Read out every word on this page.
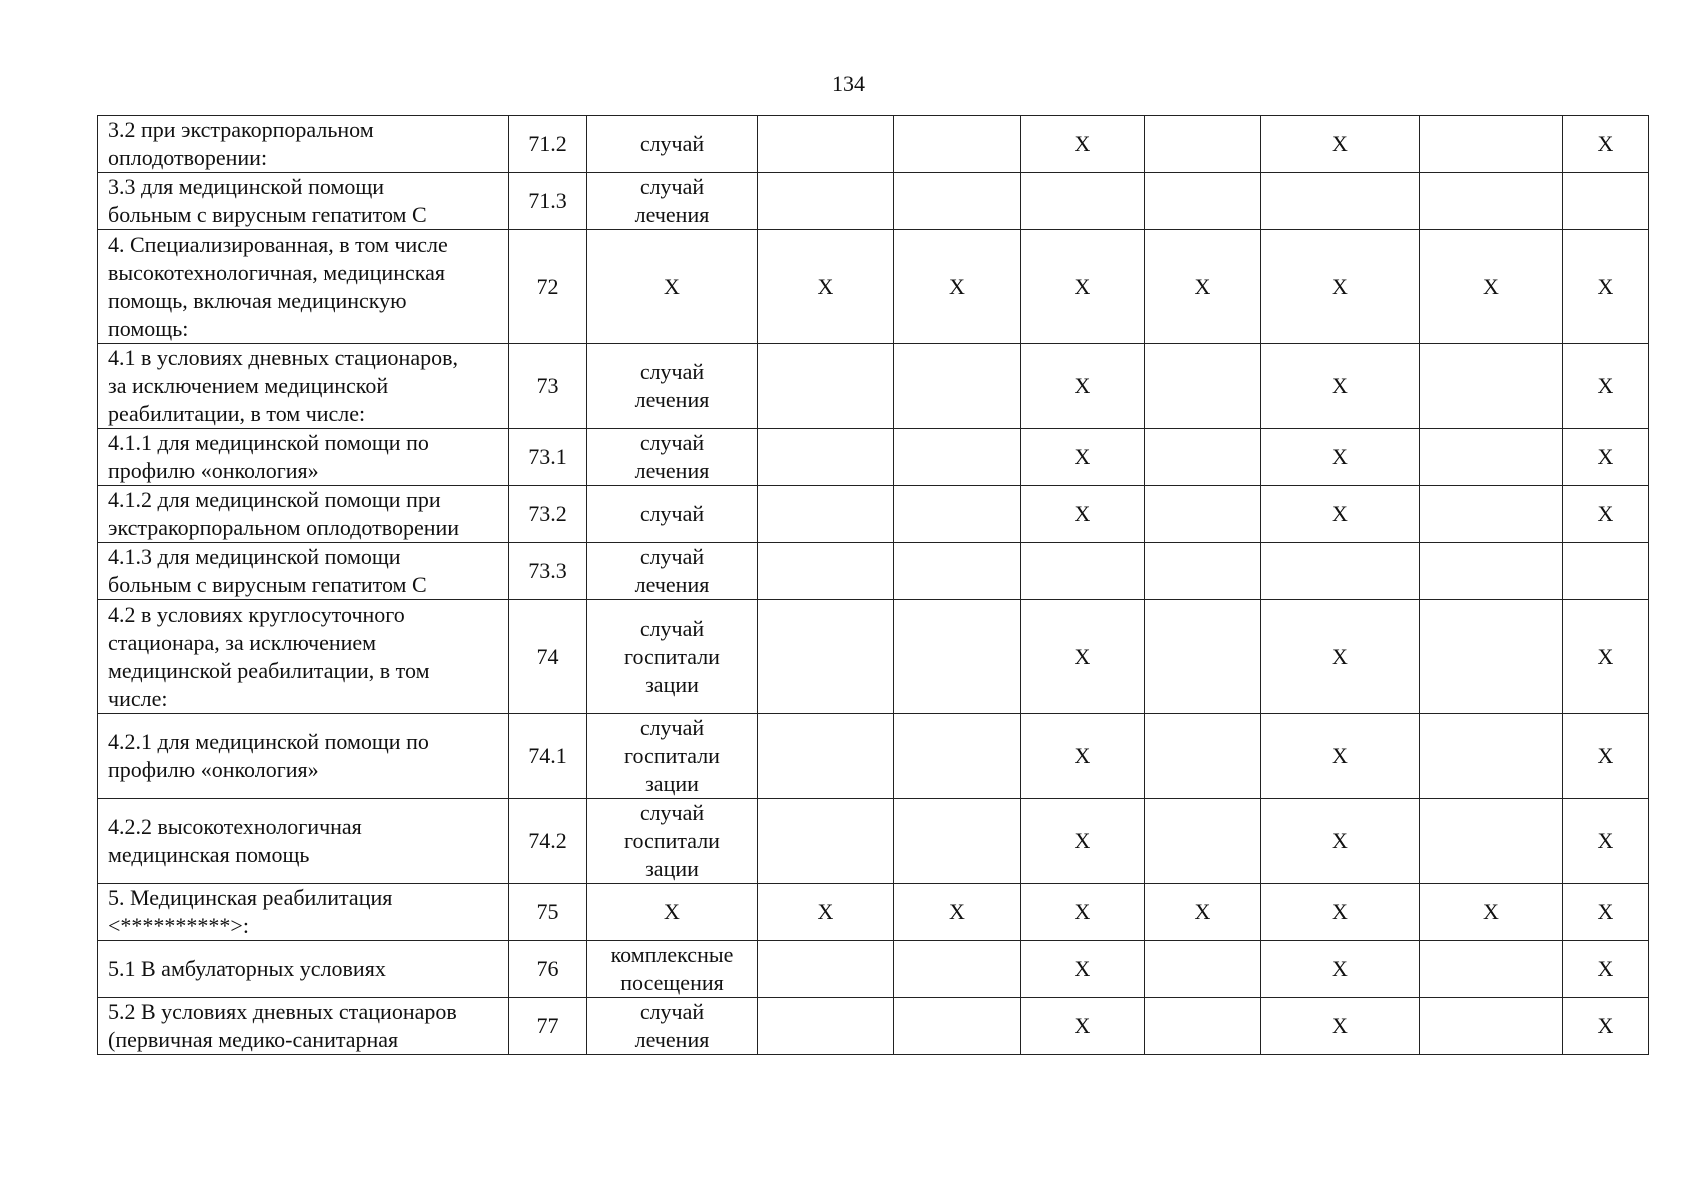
134
3.2 при экстракорпоральном
оплодотворении:	71.2	случай			X		X		X
3.3 для медицинской помощи
больным с вирусным гепатитом С	71.3	случай
лечения							
4. Специализированная, в том числе
высокотехнологичная, медицинская
помощь, включая медицинскую
помощь:	72	X	X	X	X	X	X	X	X
4.1 в условиях дневных стационаров,
за исключением медицинской
реабилитации, в том числе:	73	случай
лечения			X		X		X
4.1.1 для медицинской помощи по
профилю «онкология»	73.1	случай
лечения			X		X		X
4.1.2 для медицинской помощи при
экстракорпоральном оплодотворении	73.2	случай			X		X		X
4.1.3 для медицинской помощи
больным с вирусным гепатитом С	73.3	случай
лечения							
4.2 в условиях круглосуточного
стационара, за исключением
медицинской реабилитации, в том
числе:	74	случай
госпитали
зации			X		X		X
4.2.1 для медицинской помощи по
профилю «онкология»	74.1	случай
госпитали
зации			X		X		X
4.2.2 высокотехнологичная
медицинская помощь	74.2	случай
госпитали
зации			X		X		X
5. Медицинская реабилитация
<**********>:	75	X	X	X	X	X	X	X	X
5.1 В амбулаторных условиях	76	комплексные
посещения			X		X		X
5.2 В условиях дневных стационаров
(первичная медико-санитарная	77	случай
лечения			X		X		X
